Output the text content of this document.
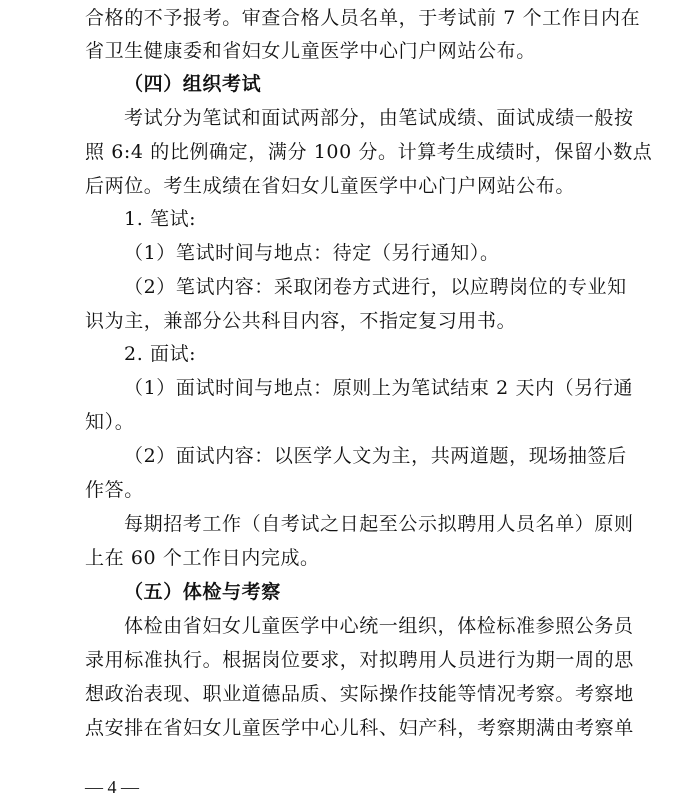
合格的不予报考。审查合格人员名单，于考试前 7 个工作日内在
省卫生健康委和省妇女儿童医学中心门户网站公布。
（四）组织考试
考试分为笔试和面试两部分，由笔试成绩、面试成绩一般按
照 6:4 的比例确定，满分 100 分。计算考生成绩时，保留小数点
后两位。考生成绩在省妇女儿童医学中心门户网站公布。
1. 笔试:
（1）笔试时间与地点：待定（另行通知）。
（2）笔试内容：采取闭卷方式进行，以应聘岗位的专业知
识为主，兼部分公共科目内容，不指定复习用书。
2. 面试:
（1）面试时间与地点：原则上为笔试结束 2 天内（另行通
知）。
（2）面试内容：以医学人文为主，共两道题，现场抽签后
作答。
每期招考工作（自考试之日起至公示拟聘用人员名单）原则
上在 60 个工作日内完成。
（五）体检与考察
体检由省妇女儿童医学中心统一组织，体检标准参照公务员
录用标准执行。根据岗位要求，对拟聘用人员进行为期一周的思
想政治表现、职业道德品质、实际操作技能等情况考察。考察地
点安排在省妇女儿童医学中心儿科、妇产科，考察期满由考察单
— 4 —
